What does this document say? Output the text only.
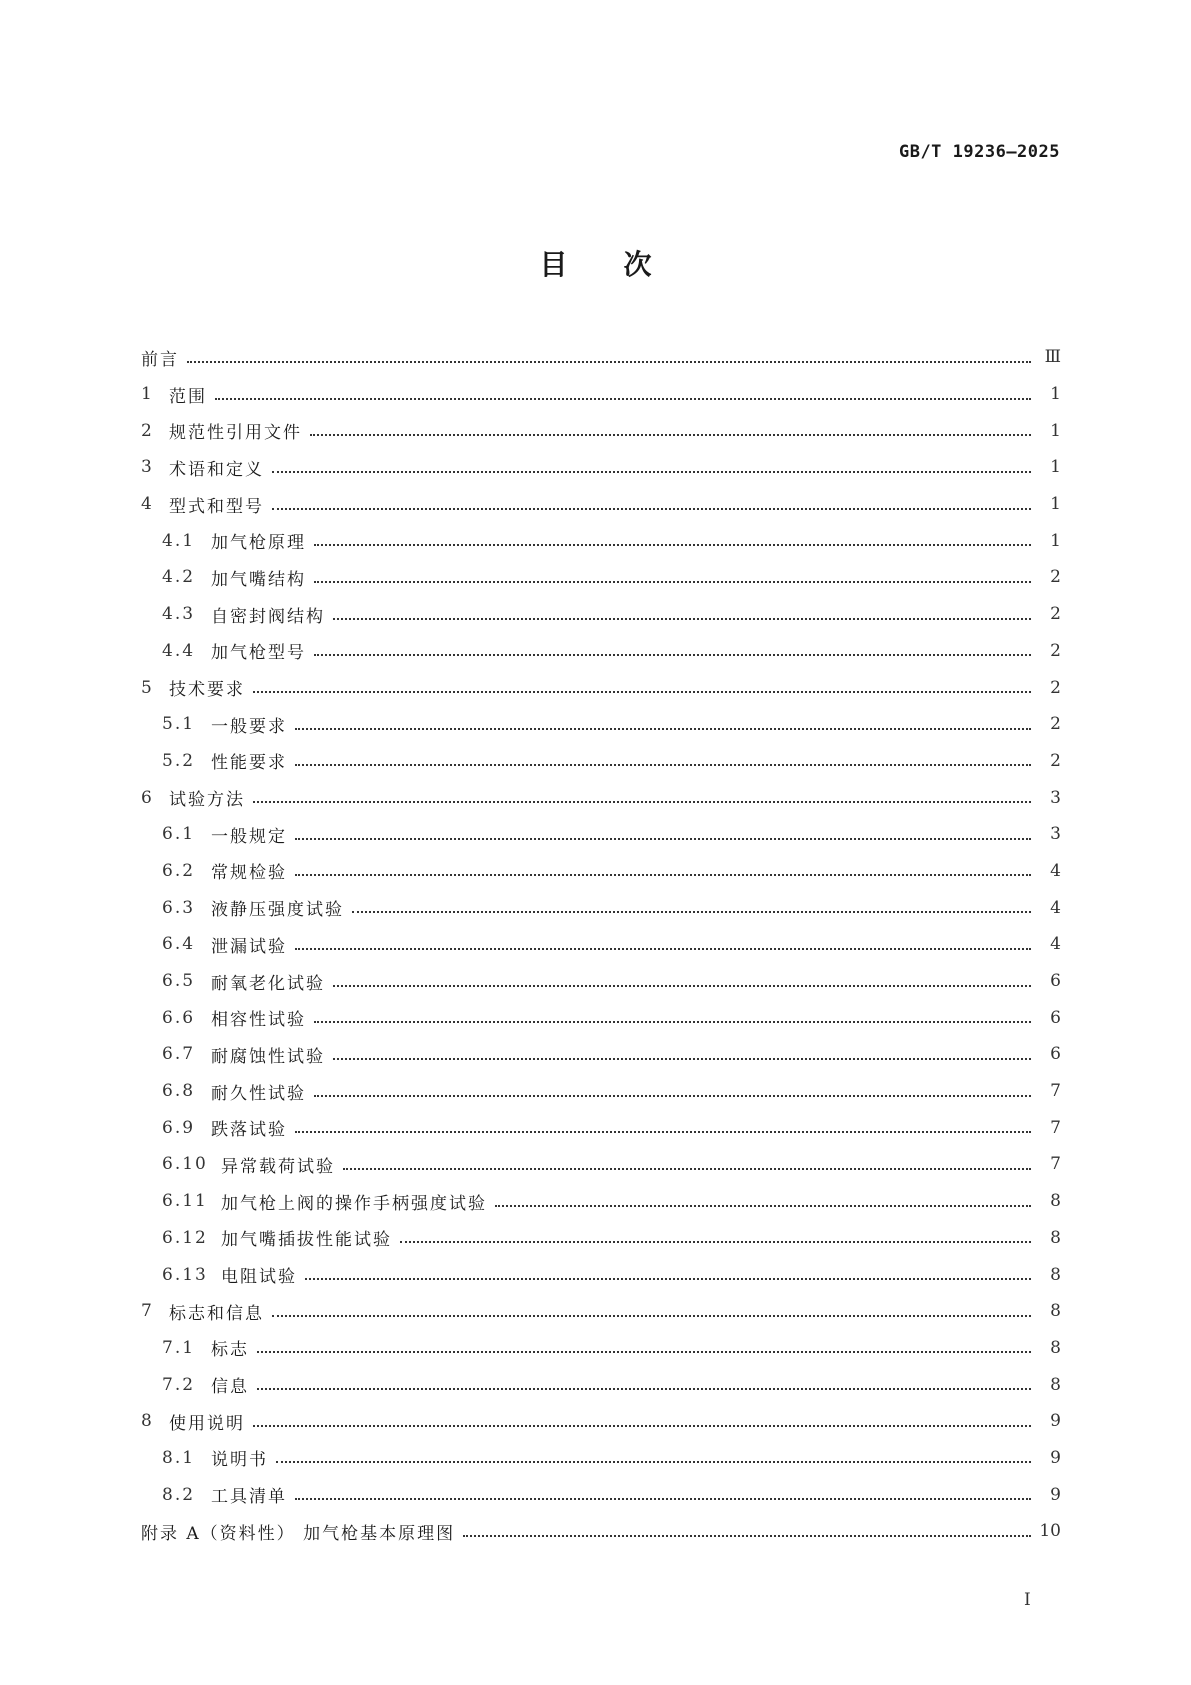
GB/T 19236—2025
目次
前言	Ⅲ
1 范围	1
2 规范性引用文件	1
3 术语和定义	1
4 型式和型号	1
4.1 加气枪原理	1
4.2 加气嘴结构	2
4.3 自密封阀结构	2
4.4 加气枪型号	2
5 技术要求	2
5.1 一般要求	2
5.2 性能要求	2
6 试验方法	3
6.1 一般规定	3
6.2 常规检验	4
6.3 液静压强度试验	4
6.4 泄漏试验	4
6.5 耐氧老化试验	6
6.6 相容性试验	6
6.7 耐腐蚀性试验	6
6.8 耐久性试验	7
6.9 跌落试验	7
6.10 异常载荷试验	7
6.11 加气枪上阀的操作手柄强度试验	8
6.12 加气嘴插拔性能试验	8
6.13 电阻试验	8
7 标志和信息	8
7.1 标志	8
7.2 信息	8
8 使用说明	9
8.1 说明书	9
8.2 工具清单	9
附录 A（资料性） 加气枪基本原理图	10
Ⅰ
